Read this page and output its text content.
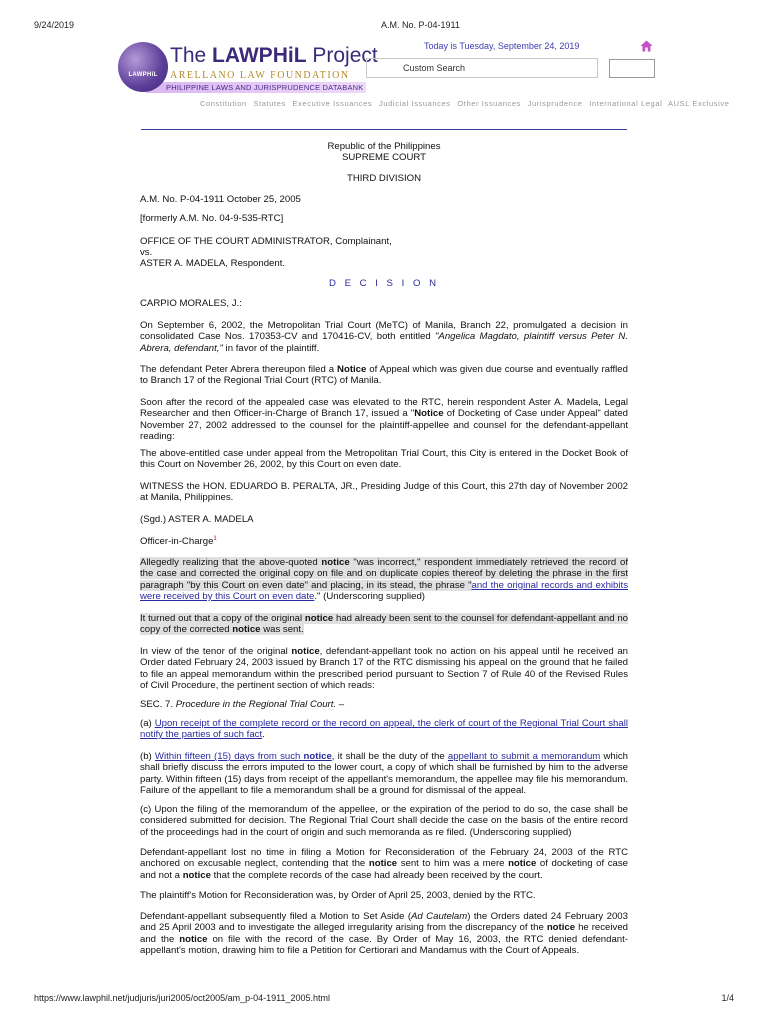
9/24/2019	A.M. No. P-04-1911
https://www.lawphil.net/judjuris/juri2005/oct2005/am_p-04-1911_2005.html	1/4
PHILIPPINE LAWS AND JURISPRUDENCE DATABANK
LAWPHiL
The LAWPHiL Project
ARELLANO LAW FOUNDATION
Today is Tuesday, September 24, 2019
Custom Search
Constitution Statutes Executive Issuances Judicial Issuances Other Issuances Jurisprudence International Legal AUSL Exclusive
Republic of the Philippines
SUPREME COURT
THIRD DIVISION
A.M. No. P-04-1911 October 25, 2005
[formerly A.M. No. 04-9-535-RTC]
OFFICE OF THE COURT ADMINISTRATOR, Complainant,
vs.
ASTER A. MADELA, Respondent.
D E C I S I O N
CARPIO MORALES, J.:
On September 6, 2002, the Metropolitan Trial Court (MeTC) of Manila, Branch 22, promulgated a decision in consolidated Case Nos. 170353-CV and 170416-CV, both entitled "Angelica Magdato, plaintiff versus Peter N. Abrera, defendant," in favor of the plaintiff.
The defendant Peter Abrera thereupon filed a Notice of Appeal which was given due course and eventually raffled to Branch 17 of the Regional Trial Court (RTC) of Manila.
Soon after the record of the appealed case was elevated to the RTC, herein respondent Aster A. Madela, Legal Researcher and then Officer-in-Charge of Branch 17, issued a "Notice of Docketing of Case under Appeal" dated November 27, 2002 addressed to the counsel for the plaintiff-appellee and counsel for the defendant-appellant reading:
The above-entitled case under appeal from the Metropolitan Trial Court, this City is entered in the Docket Book of this Court on November 26, 2002, by this Court on even date.
WITNESS the HON. EDUARDO B. PERALTA, JR., Presiding Judge of this Court, this 27th day of November 2002 at Manila, Philippines.
(Sgd.) ASTER A. MADELA
Officer-in-Charge$^1$
Allegedly realizing that the above-quoted notice "was incorrect," respondent immediately retrieved the record of the case and corrected the original copy on file and on duplicate copies thereof by deleting the phrase in the first paragraph "by this Court on even date" and placing, in its stead, the phrase "and the original records and exhibits were received by this Court on even date." (Underscoring supplied)
It turned out that a copy of the original notice had already been sent to the counsel for defendant-appellant and no copy of the corrected notice was sent.
In view of the tenor of the original notice, defendant-appellant took no action on his appeal until he received an Order dated February 24, 2003 issued by Branch 17 of the RTC dismissing his appeal on the ground that he failed to file an appeal memorandum within the prescribed period pursuant to Section 7 of Rule 40 of the Revised Rules of Civil Procedure, the pertinent section of which reads:
SEC. 7. Procedure in the Regional Trial Court. –
(a) Upon receipt of the complete record or the record on appeal, the clerk of court of the Regional Trial Court shall notify the parties of such fact.
(b) Within fifteen (15) days from such notice, it shall be the duty of the appellant to submit a memorandum which shall briefly discuss the errors imputed to the lower court, a copy of which shall be furnished by him to the adverse party. Within fifteen (15) days from receipt of the appellant's memorandum, the appellee may file his memorandum. Failure of the appellant to file a memorandum shall be a ground for dismissal of the appeal.
(c) Upon the filing of the memorandum of the appellee, or the expiration of the period to do so, the case shall be considered submitted for decision. The Regional Trial Court shall decide the case on the basis of the entire record of the proceedings had in the court of origin and such memoranda as re filed. (Underscoring supplied)
Defendant-appellant lost no time in filing a Motion for Reconsideration of the February 24, 2003 of the RTC anchored on excusable neglect, contending that the notice sent to him was a mere notice of docketing of case and not a notice that the complete records of the case had already been received by the court.
The plaintiff's Motion for Reconsideration was, by Order of April 25, 2003, denied by the RTC.
Defendant-appellant subsequently filed a Motion to Set Aside (Ad Cautelam) the Orders dated 24 February 2003 and 25 April 2003 and to investigate the alleged irregularity arising from the discrepancy of the notice he received and the notice on file with the record of the case. By Order of May 16, 2003, the RTC denied defendant-appellant's motion, drawing him to file a Petition for Certiorari and Mandamus with the Court of Appeals.
